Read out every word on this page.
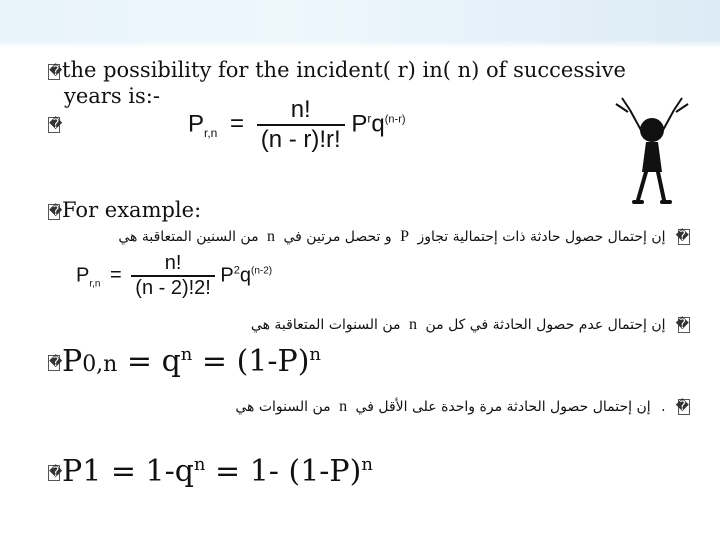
�the possibility for the incident( r) in( n) of successive
years is:-
�	$P_{r,n} = \frac{n!}{(n - r)!r!} P^rq^{(n-r)}$
�For example:
� إن إحتمال حصول حادثة ذات إحتمالية تجاوز P و تحصل مرتين في n من السنين المتعاقبة هي
$P_{r,n} = \frac{n!}{(n - 2)!2!} P^2q^{(n-2)}$
� إن إحتمال عدم حصول الحادثة في كل من n من السنوات المتعاقبة هي
�P0,n = $q^n = (1-P)^n$
� . إن إحتمال حصول الحادثة مرة واحدة على الأقل في n من السنوات هي
�P1 = $1-q^n = 1-$ $(1-P)^n$
